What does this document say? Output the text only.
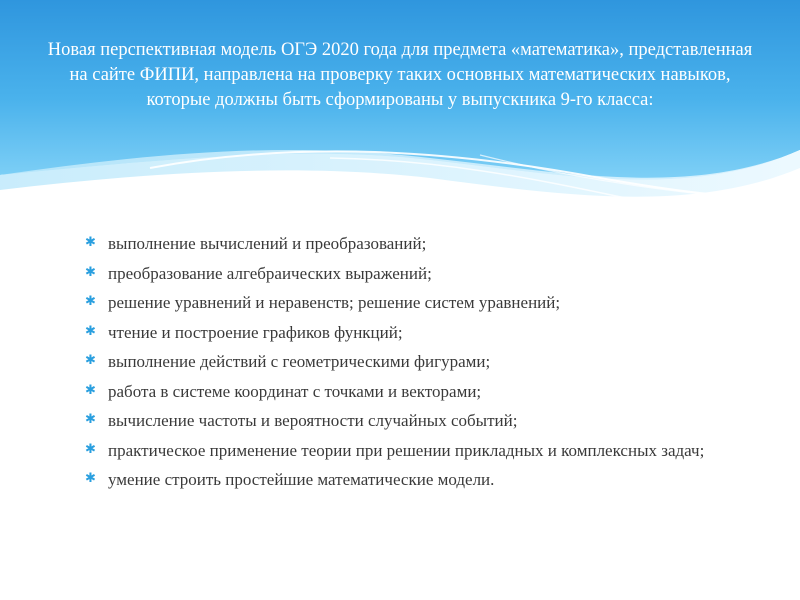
Новая перспективная модель ОГЭ 2020 года для предмета «математика», представленная на сайте ФИПИ, направлена на проверку таких основных математических навыков, которые должны быть сформированы у выпускника 9-го класса:
✱ выполнение вычислений и преобразований;
✱ преобразование алгебраических выражений;
✱ решение уравнений и неравенств; решение систем уравнений;
✱ чтение и построение графиков функций;
✱ выполнение действий с геометрическими фигурами;
✱ работа в системе координат с точками и векторами;
✱ вычисление частоты и вероятности случайных событий;
✱ практическое применение теории при решении прикладных и комплексных задач;
✱ умение строить простейшие математические модели.
